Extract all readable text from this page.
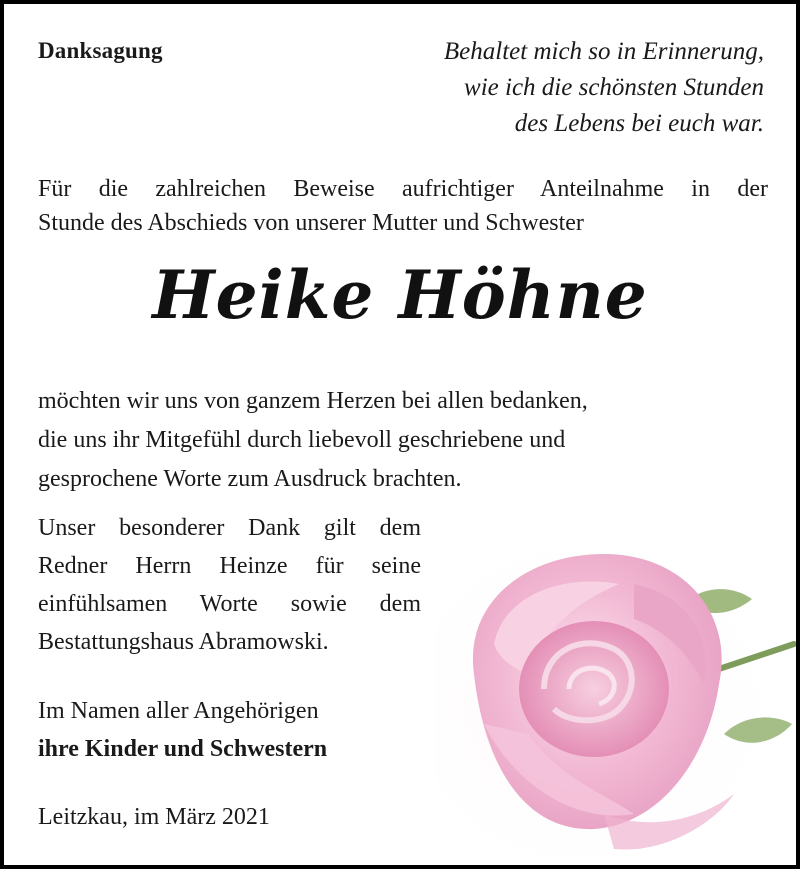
Danksagung	Behaltet mich so in Erinnerung,
wie ich die schönsten Stunden
des Lebens bei euch war.
Für die zahlreichen Beweise aufrichtiger Anteilnahme in der
Stunde des Abschieds von unserer Mutter und Schwester
Heike Höhne
möchten wir uns von ganzem Herzen bei allen bedanken,
die uns ihr Mitgefühl durch liebevoll geschriebene und
gesprochene Worte zum Ausdruck brachten.
Unser besonderer Dank gilt dem
Redner Herrn Heinze für seine
einfühlsamen Worte sowie dem
Bestattungshaus Abramowski.
Im Namen aller Angehörigen
ihre Kinder und Schwestern
Leitzkau, im März 2021
